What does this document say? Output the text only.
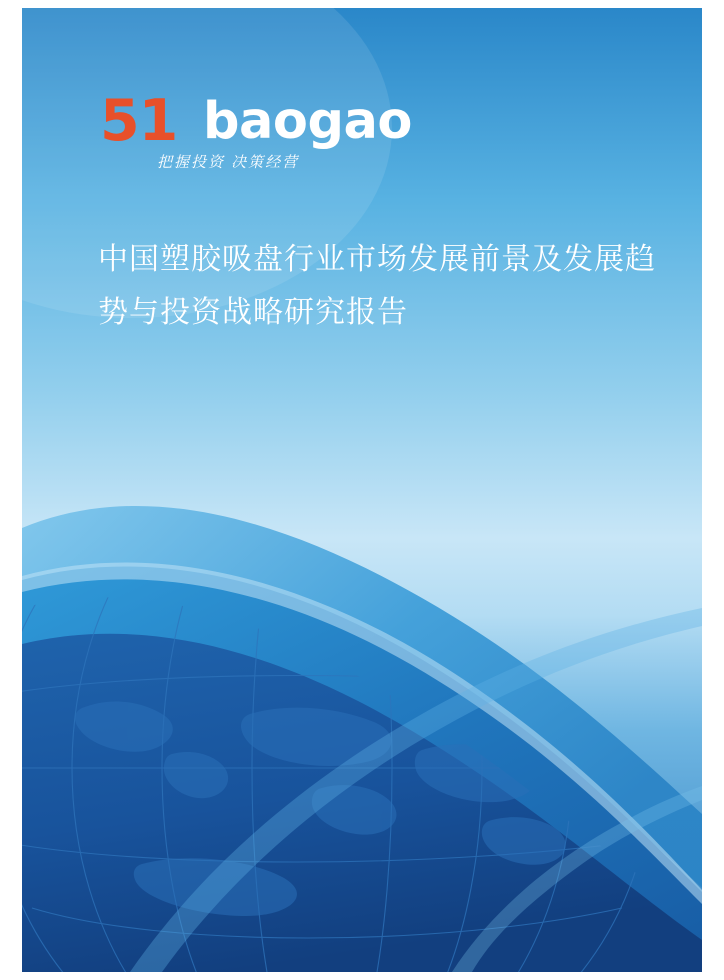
51 baogao
把握投资 决策经营
中国塑胶吸盘行业市场发展前景及发展趋势与投资战略研究报告
